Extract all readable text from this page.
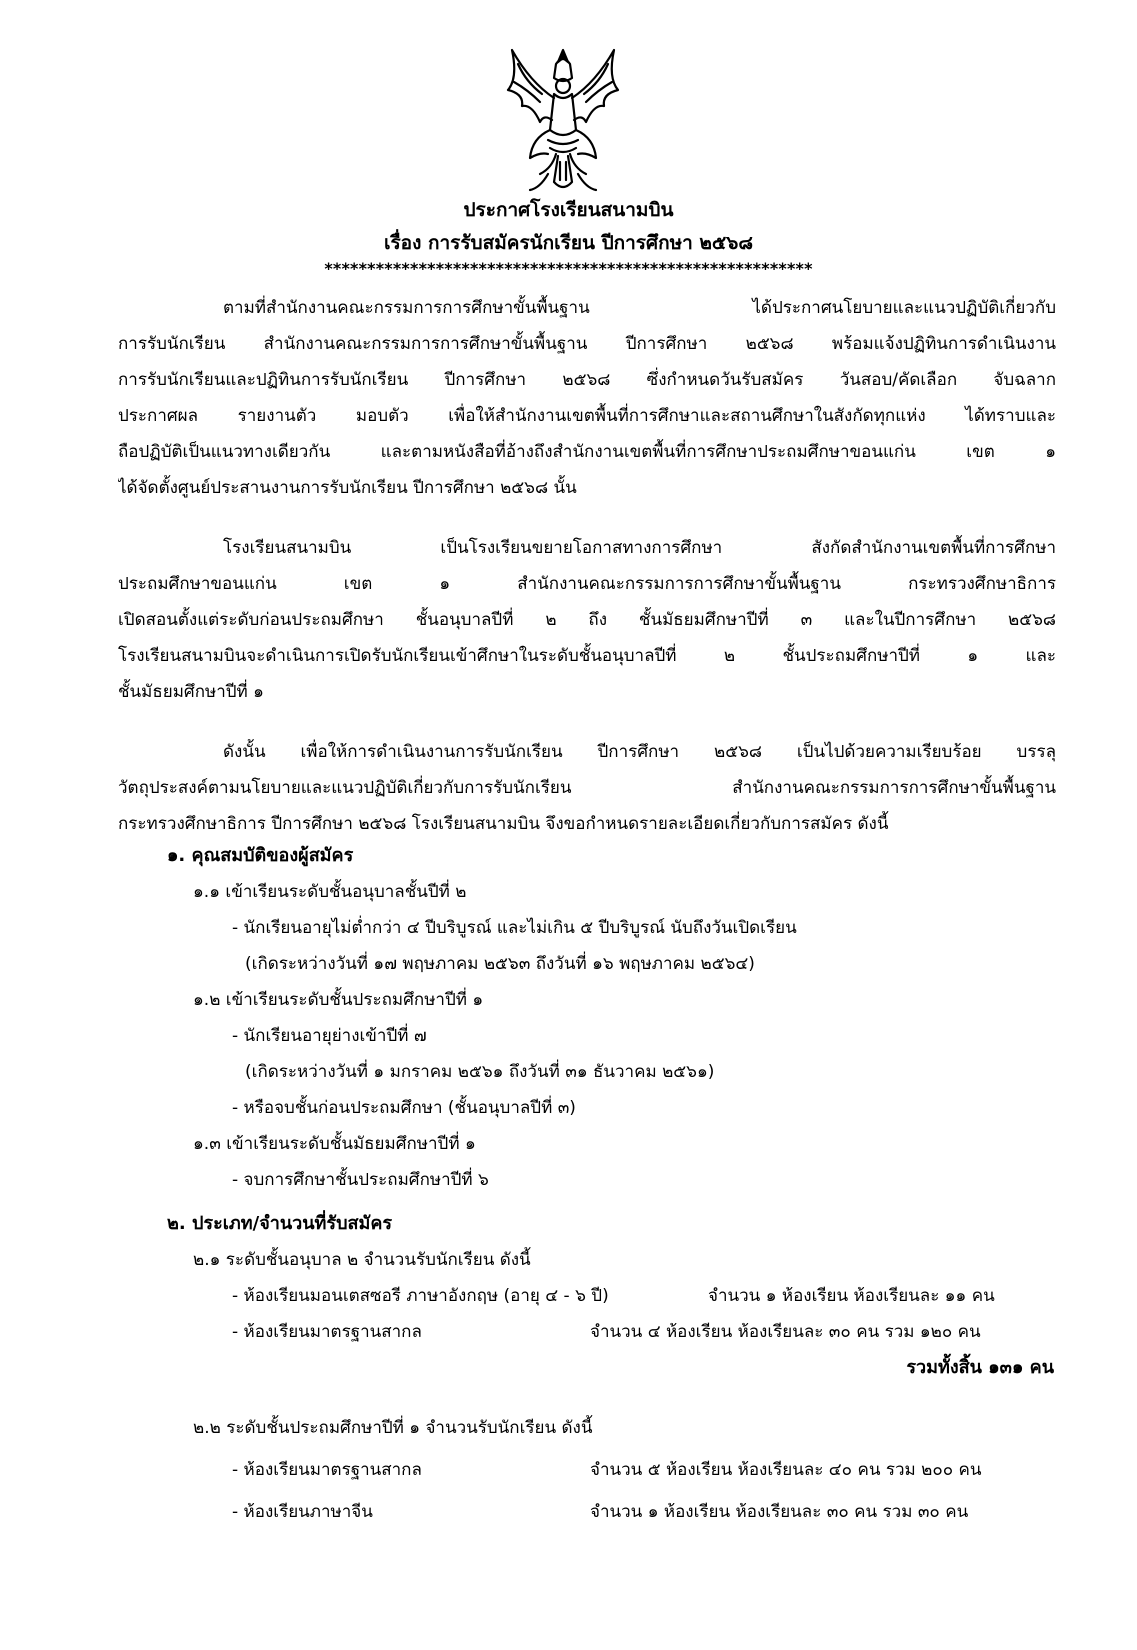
ประกาศโรงเรียนสนามบิน
เรื่อง การรับสมัครนักเรียน ปีการศึกษา ๒๕๖๘
*********************************************************
ตามที่สำนักงานคณะกรรมการการศึกษาขั้นพื้นฐาน ได้ประกาศนโยบายและแนวปฏิบัติเกี่ยวกับ
การรับนักเรียน สำนักงานคณะกรรมการการศึกษาขั้นพื้นฐาน ปีการศึกษา ๒๕๖๘ พร้อมแจ้งปฏิทินการดำเนินงาน
การรับนักเรียนและปฏิทินการรับนักเรียน ปีการศึกษา ๒๕๖๘ ซึ่งกำหนดวันรับสมัคร วันสอบ/คัดเลือก จับฉลาก
ประกาศผล รายงานตัว มอบตัว เพื่อให้สำนักงานเขตพื้นที่การศึกษาและสถานศึกษาในสังกัดทุกแห่ง ได้ทราบและ
ถือปฏิบัติเป็นแนวทางเดียวกัน และตามหนังสือที่อ้างถึงสำนักงานเขตพื้นที่การศึกษาประถมศึกษาขอนแก่น เขต ๑
ได้จัดตั้งศูนย์ประสานงานการรับนักเรียน ปีการศึกษา ๒๕๖๘ นั้น
โรงเรียนสนามบิน เป็นโรงเรียนขยายโอกาสทางการศึกษา สังกัดสำนักงานเขตพื้นที่การศึกษา
ประถมศึกษาขอนแก่น เขต ๑ สำนักงานคณะกรรมการการศึกษาขั้นพื้นฐาน กระทรวงศึกษาธิการ
เปิดสอนตั้งแต่ระดับก่อนประถมศึกษา ชั้นอนุบาลปีที่ ๒ ถึง ชั้นมัธยมศึกษาปีที่ ๓ และในปีการศึกษา ๒๕๖๘
โรงเรียนสนามบินจะดำเนินการเปิดรับนักเรียนเข้าศึกษาในระดับชั้นอนุบาลปีที่ ๒ ชั้นประถมศึกษาปีที่ ๑ และ
ชั้นมัธยมศึกษาปีที่ ๑
ดังนั้น เพื่อให้การดำเนินงานการรับนักเรียน ปีการศึกษา ๒๕๖๘ เป็นไปด้วยความเรียบร้อย บรรลุ
วัตถุประสงค์ตามนโยบายและแนวปฏิบัติเกี่ยวกับการรับนักเรียน สำนักงานคณะกรรมการการศึกษาขั้นพื้นฐาน
กระทรวงศึกษาธิการ ปีการศึกษา ๒๕๖๘ โรงเรียนสนามบิน จึงขอกำหนดรายละเอียดเกี่ยวกับการสมัคร ดังนี้
๑. คุณสมบัติของผู้สมัคร
๑.๑ เข้าเรียนระดับชั้นอนุบาลชั้นปีที่ ๒
- นักเรียนอายุไม่ต่ำกว่า ๔ ปีบริบูรณ์ และไม่เกิน ๕ ปีบริบูรณ์ นับถึงวันเปิดเรียน
(เกิดระหว่างวันที่ ๑๗ พฤษภาคม ๒๕๖๓ ถึงวันที่ ๑๖ พฤษภาคม ๒๕๖๔)
๑.๒ เข้าเรียนระดับชั้นประถมศึกษาปีที่ ๑
- นักเรียนอายุย่างเข้าปีที่ ๗
(เกิดระหว่างวันที่ ๑ มกราคม ๒๕๖๑ ถึงวันที่ ๓๑ ธันวาคม ๒๕๖๑)
- หรือจบชั้นก่อนประถมศึกษา (ชั้นอนุบาลปีที่ ๓)
๑.๓ เข้าเรียนระดับชั้นมัธยมศึกษาปีที่ ๑
- จบการศึกษาชั้นประถมศึกษาปีที่ ๖
๒. ประเภท/จำนวนที่รับสมัคร
๒.๑ ระดับชั้นอนุบาล ๒ จำนวนรับนักเรียน ดังนี้
- ห้องเรียนมอนเตสซอรี ภาษาอังกฤษ (อายุ ๔ - ๖ ปี)	จำนวน ๑ ห้องเรียน ห้องเรียนละ ๑๑ คน
- ห้องเรียนมาตรฐานสากล	จำนวน ๔ ห้องเรียน ห้องเรียนละ ๓๐ คน รวม ๑๒๐ คน
รวมทั้งสิ้น ๑๓๑ คน
๒.๒ ระดับชั้นประถมศึกษาปีที่ ๑ จำนวนรับนักเรียน ดังนี้
- ห้องเรียนมาตรฐานสากล	จำนวน ๕ ห้องเรียน ห้องเรียนละ ๔๐ คน รวม ๒๐๐ คน
- ห้องเรียนภาษาจีน	จำนวน ๑ ห้องเรียน ห้องเรียนละ ๓๐ คน รวม ๓๐ คน
